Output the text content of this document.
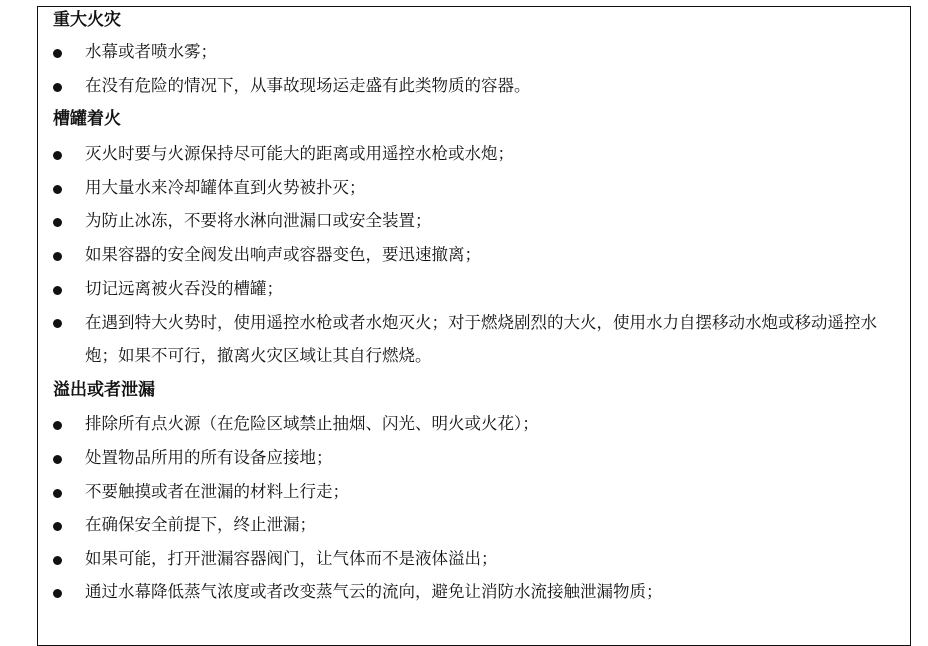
重大火灾
水幕或者喷水雾；
在没有危险的情况下，从事故现场运走盛有此类物质的容器。
槽罐着火
灭火时要与火源保持尽可能大的距离或用遥控水枪或水炮；
用大量水来冷却罐体直到火势被扑灭；
为防止冰冻，不要将水淋向泄漏口或安全装置；
如果容器的安全阀发出响声或容器变色，要迅速撤离；
切记远离被火吞没的槽罐；
在遇到特大火势时，使用遥控水枪或者水炮灭火；对于燃烧剧烈的大火，使用水力自摆移动水炮或移动遥控水炮；如果不可行，撤离火灾区域让其自行燃烧。
溢出或者泄漏
排除所有点火源（在危险区域禁止抽烟、闪光、明火或火花）；
处置物品所用的所有设备应接地；
不要触摸或者在泄漏的材料上行走；
在确保安全前提下，终止泄漏；
如果可能，打开泄漏容器阀门，让气体而不是液体溢出；
通过水幕降低蒸气浓度或者改变蒸气云的流向，避免让消防水流接触泄漏物质；
